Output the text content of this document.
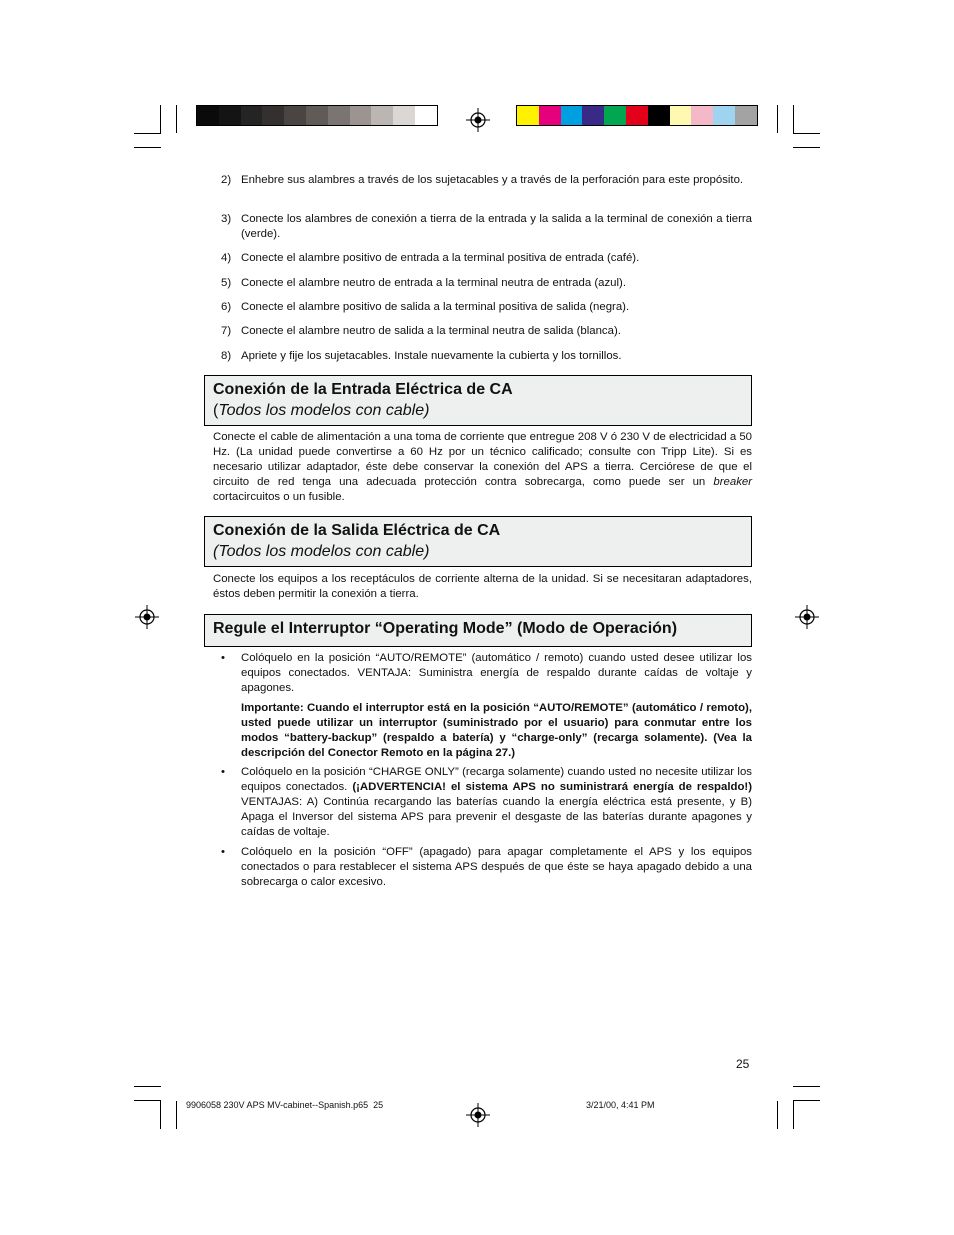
2) Enhebre sus alambres a través de los sujetacables y a través de la perforación para este propósito.
3) Conecte los alambres de conexión a tierra de la entrada y la salida a la terminal de conexión a tierra (verde).
4) Conecte el alambre positivo de entrada a la terminal positiva de entrada (café).
5) Conecte el alambre neutro de entrada a la terminal neutra de entrada (azul).
6) Conecte el alambre positivo de salida a la terminal positiva de salida (negra).
7) Conecte el alambre neutro de salida a la terminal neutra de salida (blanca).
8) Apriete y fije los sujetacables. Instale nuevamente la cubierta y los tornillos.
Conexión de la Entrada Eléctrica de CA
(Todos los modelos con cable)
Conecte el cable de alimentación a una toma de corriente que entregue 208 V ó 230 V de electricidad a 50 Hz. (La unidad puede convertirse a 60 Hz por un técnico calificado; consulte con Tripp Lite). Si es necesario utilizar adaptador, éste debe conservar la conexión del APS a tierra. Cerciórese de que el circuito de red tenga una adecuada protección contra sobrecarga, como puede ser un breaker cortacircuitos o un fusible.
Conexión de la Salida Eléctrica de CA
(Todos los modelos con cable)
Conecte los equipos a los receptáculos de corriente alterna de la unidad. Si se necesitaran adaptadores, éstos deben permitir la conexión a tierra.
Regule el Interruptor “Operating Mode” (Modo de Operación)
• Colóquelo en la posición “AUTO/REMOTE” (automático / remoto) cuando usted desee utilizar los equipos conectados. VENTAJA: Suministra energía de respaldo durante caídas de voltaje y apagones.
Importante: Cuando el interruptor está en la posición “AUTO/REMOTE” (automático / remoto), usted puede utilizar un interruptor (suministrado por el usuario) para conmutar entre los modos “battery-backup” (respaldo a batería) y “charge-only” (recarga solamente). (Vea la descripción del Conector Remoto en la página 27.)
• Colóquelo en la posición “CHARGE ONLY” (recarga solamente) cuando usted no necesite utilizar los equipos conectados. (¡ADVERTENCIA! el sistema APS no suministrará energía de respaldo!) VENTAJAS: A) Continúa recargando las baterías cuando la energía eléctrica está presente, y B) Apaga el Inversor del sistema APS para prevenir el desgaste de las baterías durante apagones y caídas de voltaje.
• Colóquelo en la posición “OFF” (apagado) para apagar completamente el APS y los equipos conectados o para restablecer el sistema APS después de que éste se haya apagado debido a una sobrecarga o calor excesivo.
25
9906058 230V APS MV-cabinet--Spanish.p65 25	3/21/00, 4:41 PM
